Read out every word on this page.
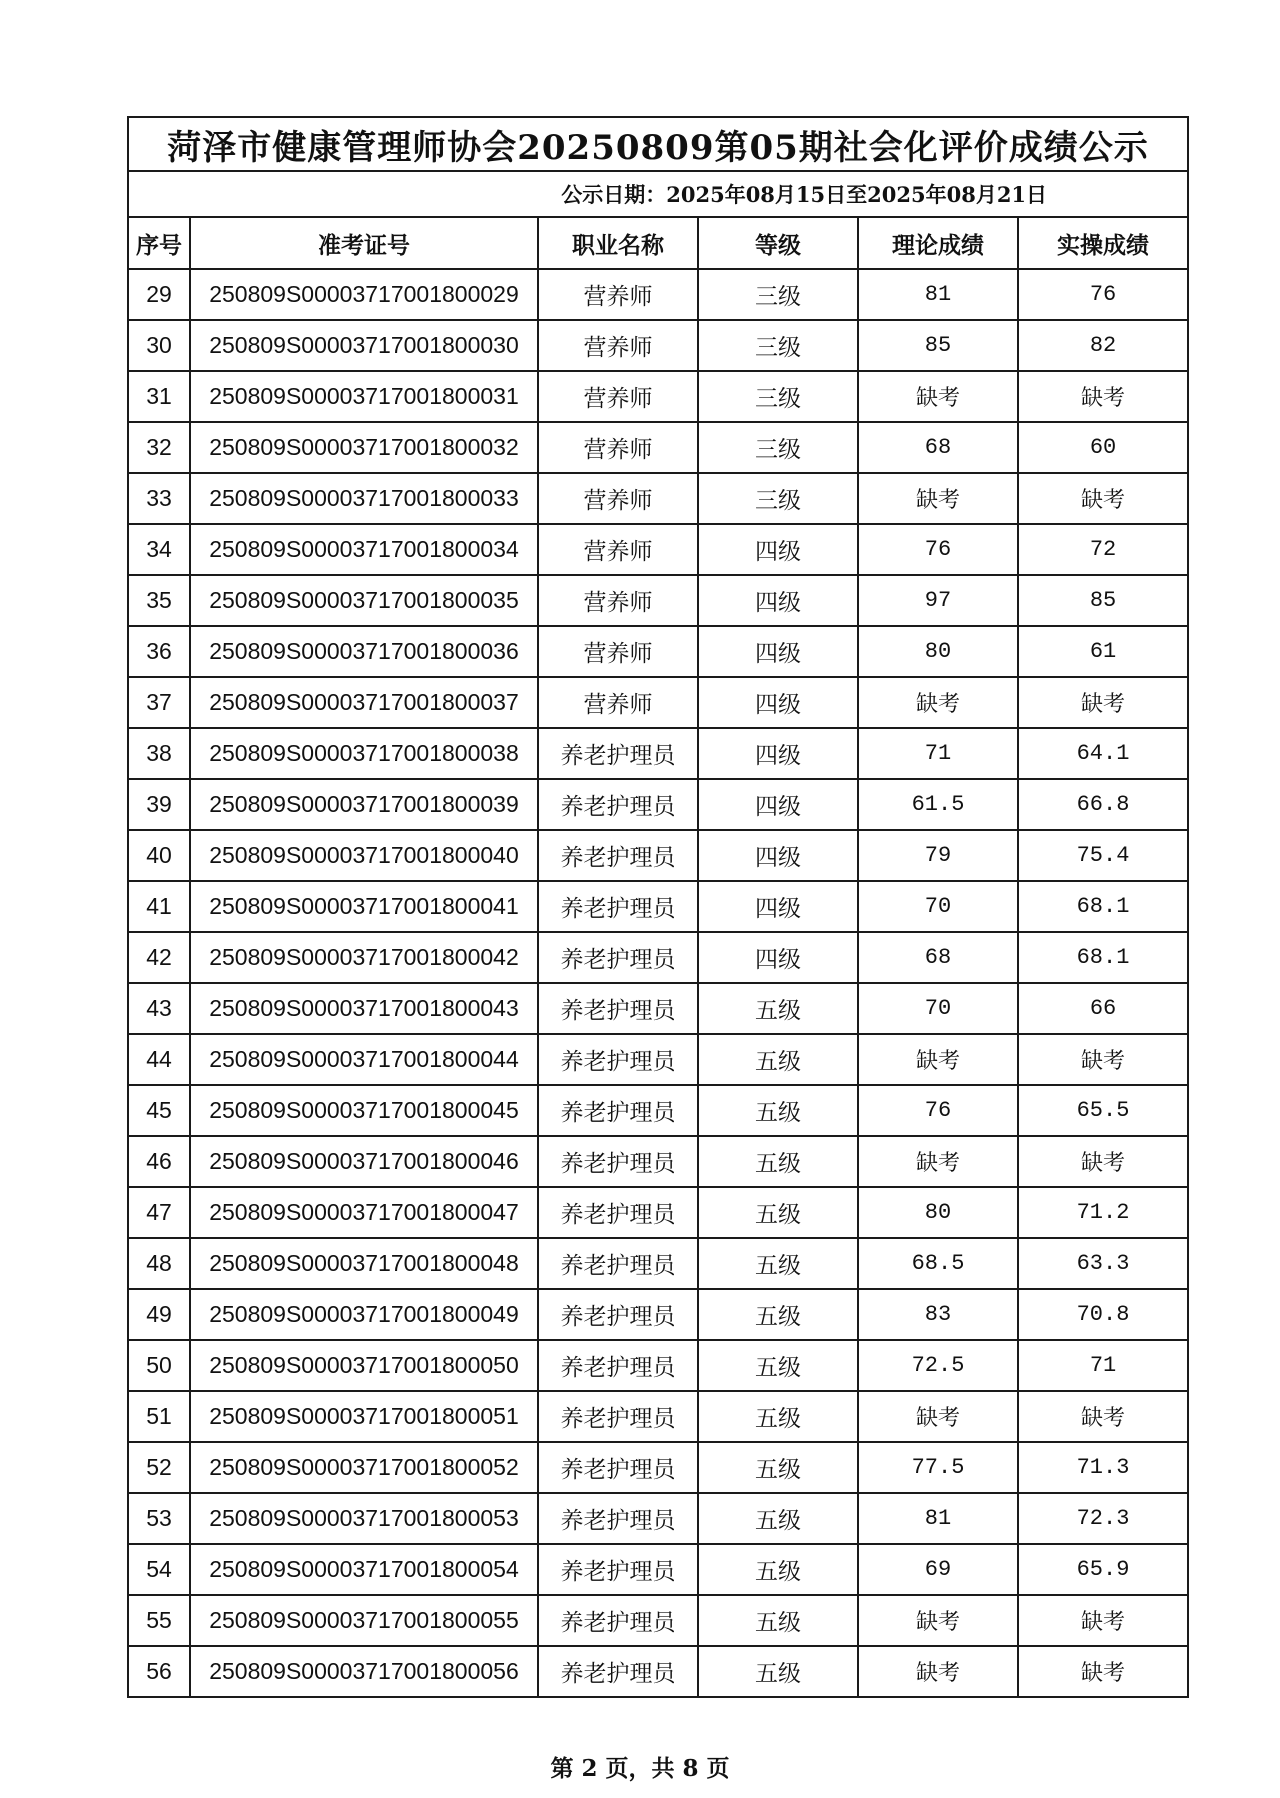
菏泽市健康管理师协会20250809第05期社会化评价成绩公示					
公示日期：2025年08月15日至2025年08月21日					
序号	准考证号	职业名称	等级	理论成绩	实操成绩
29	250809S00003717001800029	营养师	三级	81	76
30	250809S00003717001800030	营养师	三级	85	82
31	250809S00003717001800031	营养师	三级	缺考	缺考
32	250809S00003717001800032	营养师	三级	68	60
33	250809S00003717001800033	营养师	三级	缺考	缺考
34	250809S00003717001800034	营养师	四级	76	72
35	250809S00003717001800035	营养师	四级	97	85
36	250809S00003717001800036	营养师	四级	80	61
37	250809S00003717001800037	营养师	四级	缺考	缺考
38	250809S00003717001800038	养老护理员	四级	71	64.1
39	250809S00003717001800039	养老护理员	四级	61.5	66.8
40	250809S00003717001800040	养老护理员	四级	79	75.4
41	250809S00003717001800041	养老护理员	四级	70	68.1
42	250809S00003717001800042	养老护理员	四级	68	68.1
43	250809S00003717001800043	养老护理员	五级	70	66
44	250809S00003717001800044	养老护理员	五级	缺考	缺考
45	250809S00003717001800045	养老护理员	五级	76	65.5
46	250809S00003717001800046	养老护理员	五级	缺考	缺考
47	250809S00003717001800047	养老护理员	五级	80	71.2
48	250809S00003717001800048	养老护理员	五级	68.5	63.3
49	250809S00003717001800049	养老护理员	五级	83	70.8
50	250809S00003717001800050	养老护理员	五级	72.5	71
51	250809S00003717001800051	养老护理员	五级	缺考	缺考
52	250809S00003717001800052	养老护理员	五级	77.5	71.3
53	250809S00003717001800053	养老护理员	五级	81	72.3
54	250809S00003717001800054	养老护理员	五级	69	65.9
55	250809S00003717001800055	养老护理员	五级	缺考	缺考
56	250809S00003717001800056	养老护理员	五级	缺考	缺考
第 2 页，共 8 页
